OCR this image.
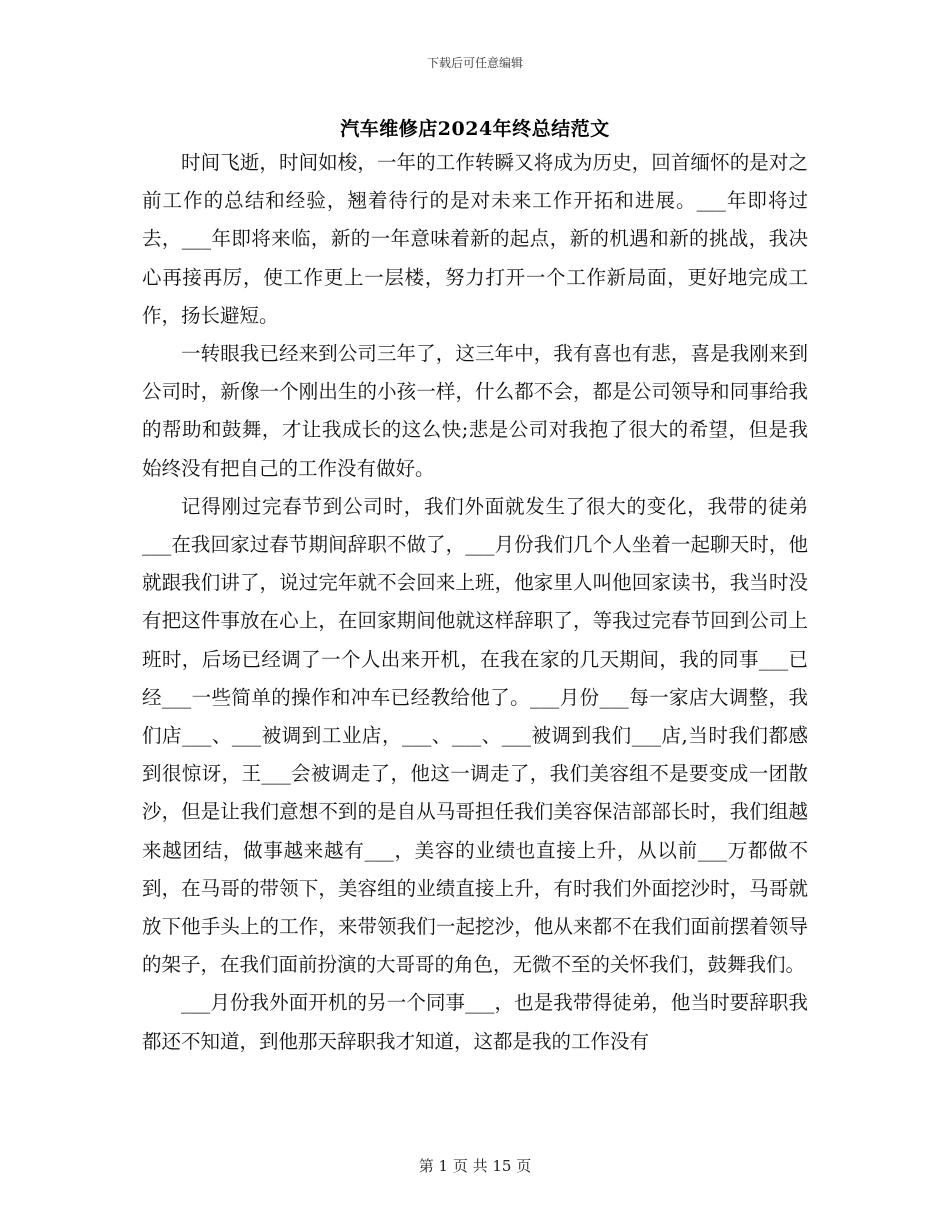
下载后可任意编辑
汽车维修店2024年终总结范文

时间飞逝，时间如梭，一年的工作转瞬又将成为历史，回首缅怀的是对之前工作的总结和经验，翘着待行的是对未来工作开拓和进展。___年即将过去，___年即将来临，新的一年意味着新的起点，新的机遇和新的挑战，我决心再接再厉，使工作更上一层楼，努力打开一个工作新局面，更好地完成工作，扬长避短。

一转眼我已经来到公司三年了，这三年中，我有喜也有悲，喜是我刚来到公司时，新像一个刚出生的小孩一样，什么都不会，都是公司领导和同事给我的帮助和鼓舞，才让我成长的这么快;悲是公司对我抱了很大的希望，但是我始终没有把自己的工作没有做好。

记得刚过完春节到公司时，我们外面就发生了很大的变化，我带的徒弟___在我回家过春节期间辞职不做了，___月份我们几个人坐着一起聊天时，他就跟我们讲了，说过完年就不会回来上班，他家里人叫他回家读书，我当时没有把这件事放在心上，在回家期间他就这样辞职了，等我过完春节回到公司上班时，后场已经调了一个人出来开机，在我在家的几天期间，我的同事___已经___一些简单的操作和冲车已经教给他了。___月份___每一家店大调整，我们店___、___被调到工业店，___、___、___被调到我们___店,当时我们都感到很惊讶，王___会被调走了，他这一调走了，我们美容组不是要变成一团散沙，但是让我们意想不到的是自从马哥担任我们美容保洁部部长时，我们组越来越团结，做事越来越有___，美容的业绩也直接上升，从以前___万都做不到，在马哥的带领下，美容组的业绩直接上升，有时我们外面挖沙时，马哥就放下他手头上的工作，来带领我们一起挖沙，他从来都不在我们面前摆着领导的架子，在我们面前扮演的大哥哥的角色，无微不至的关怀我们，鼓舞我们。

___月份我外面开机的另一个同事___，也是我带得徒弟，他当时要辞职我都还不知道，到他那天辞职我才知道，这都是我的工作没有

第 1 页 共 15 页
